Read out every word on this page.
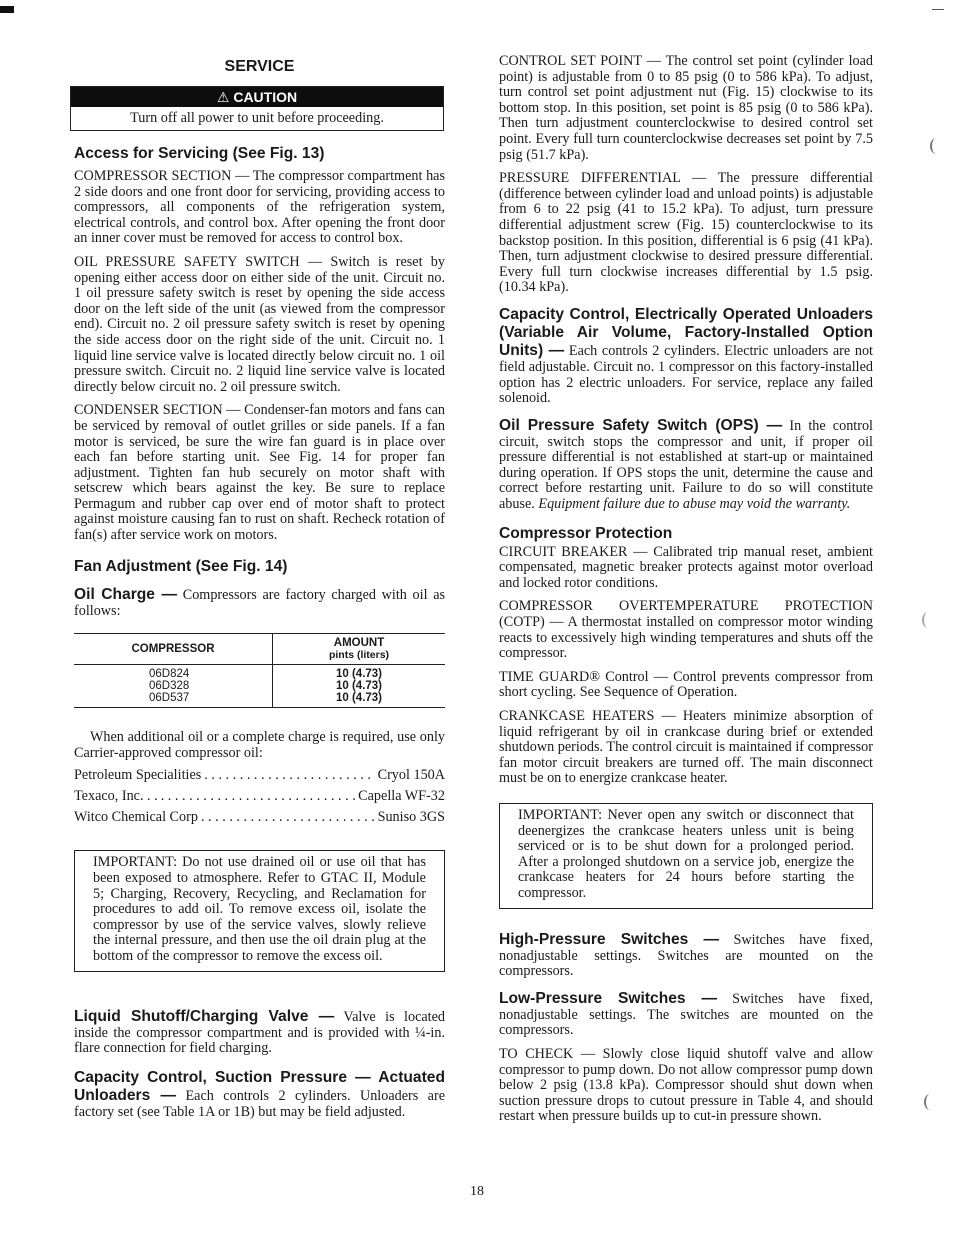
SERVICE
⚠ CAUTION
Turn off all power to unit before proceeding.
Access for Servicing (See Fig. 13)

COMPRESSOR SECTION — The compressor compartment has 2 side doors and one front door for servicing, providing access to compressors, all components of the refrigeration system, electrical controls, and control box. After opening the front door an inner cover must be removed for access to control box.

OIL PRESSURE SAFETY SWITCH — Switch is reset by opening either access door on either side of the unit. Circuit no. 1 oil pressure safety switch is reset by opening the side access door on the left side of the unit (as viewed from the compressor end). Circuit no. 2 oil pressure safety switch is reset by opening the side access door on the right side of the unit. Circuit no. 1 liquid line service valve is located directly below circuit no. 1 oil pressure switch. Circuit no. 2 liquid line service valve is located directly below circuit no. 2 oil pressure switch.

CONDENSER SECTION — Condenser-fan motors and fans can be serviced by removal of outlet grilles or side panels. If a fan motor is serviced, be sure the wire fan guard is in place over each fan before starting unit. See Fig. 14 for proper fan adjustment. Tighten fan hub securely on motor shaft with setscrew which bears against the key. Be sure to replace Permagum and rubber cap over end of motor shaft to protect against moisture causing fan to rust on shaft. Recheck rotation of fan(s) after service work on motors.

Fan Adjustment (See Fig. 14)

Oil Charge — Compressors are factory charged with oil as follows:

COMPRESSOR	AMOUNT
pints (liters)

06D824	10 (4.73)
06D328	10 (4.73)
06D537	10 (4.73)

When additional oil or a complete charge is required, use only Carrier-approved compressor oil:

Petroleum Specialities . . .	Cryol 150A
Texaco, Inc. . . . . .	Capella WF-32
Witco Chemical Corp . . .	Suniso 3GS

IMPORTANT: Do not use drained oil or use oil that has been exposed to atmosphere. Refer to GTAC II, Module 5; Charging, Recovery, Recycling, and Reclamation for procedures to add oil. To remove excess oil, isolate the compressor by use of the service valves, slowly relieve the internal pressure, and then use the oil drain plug at the bottom of the compressor to remove the excess oil.

Liquid Shutoff/Charging Valve — Valve is located inside the compressor compartment and is provided with ¼-in. flare connection for field charging.

Capacity Control, Suction Pressure — Actuated Unloaders — Each controls 2 cylinders. Unloaders are factory set (see Table 1A or 1B) but may be field adjusted.

CONTROL SET POINT — The control set point (cylinder load point) is adjustable from 0 to 85 psig (0 to 586 kPa). To adjust, turn control set point adjustment nut (Fig. 15) clockwise to its bottom stop. In this position, set point is 85 psig (0 to 586 kPa). Then turn adjustment counterclockwise to desired control set point. Every full turn counterclockwise decreases set point by 7.5 psig (51.7 kPa).

PRESSURE DIFFERENTIAL — The pressure differential (difference between cylinder load and unload points) is adjustable from 6 to 22 psig (41 to 15.2 kPa). To adjust, turn pressure differential adjustment screw (Fig. 15) counterclockwise to its backstop position. In this position, differential is 6 psig (41 kPa). Then, turn adjustment clockwise to desired pressure differential. Every full turn clockwise increases differential by 1.5 psig. (10.34 kPa).

Capacity Control, Electrically Operated Unloaders (Variable Air Volume, Factory-Installed Option Units) — Each controls 2 cylinders. Electric unloaders are not field adjustable. Circuit no. 1 compressor on this factory-installed option has 2 electric unloaders. For service, replace any failed solenoid.

Oil Pressure Safety Switch (OPS) — In the control circuit, switch stops the compressor and unit, if proper oil pressure differential is not established at start-up or maintained during operation. If OPS stops the unit, determine the cause and correct before restarting unit. Failure to do so will constitute abuse. Equipment failure due to abuse may void the warranty.

Compressor Protection

CIRCUIT BREAKER — Calibrated trip manual reset, ambient compensated, magnetic breaker protects against motor overload and locked rotor conditions.

COMPRESSOR OVERTEMPERATURE PROTECTION (COTP) — A thermostat installed on compressor motor winding reacts to excessively high winding temperatures and shuts off the compressor.

TIME GUARD® Control — Control prevents compressor from short cycling. See Sequence of Operation.

CRANKCASE HEATERS — Heaters minimize absorption of liquid refrigerant by oil in crankcase during brief or extended shutdown periods. The control circuit is maintained if compressor fan motor circuit breakers are turned off. The main disconnect must be on to energize crankcase heater.

IMPORTANT: Never open any switch or disconnect that deenergizes the crankcase heaters unless unit is being serviced or is to be shut down for a prolonged period. After a prolonged shutdown on a service job, energize the crankcase heaters for 24 hours before starting the compressor.

High-Pressure Switches — Switches have fixed, nonadjustable settings. Switches are mounted on the compressors.

Low-Pressure Switches — Switches have fixed, nonadjustable settings. The switches are mounted on the compressors.

TO CHECK — Slowly close liquid shutoff valve and allow compressor to pump down. Do not allow compressor pump down below 2 psig (13.8 kPa). Compressor should shut down when suction pressure drops to cutout pressure in Table 4, and should restart when pressure builds up to cut-in pressure shown.

18
